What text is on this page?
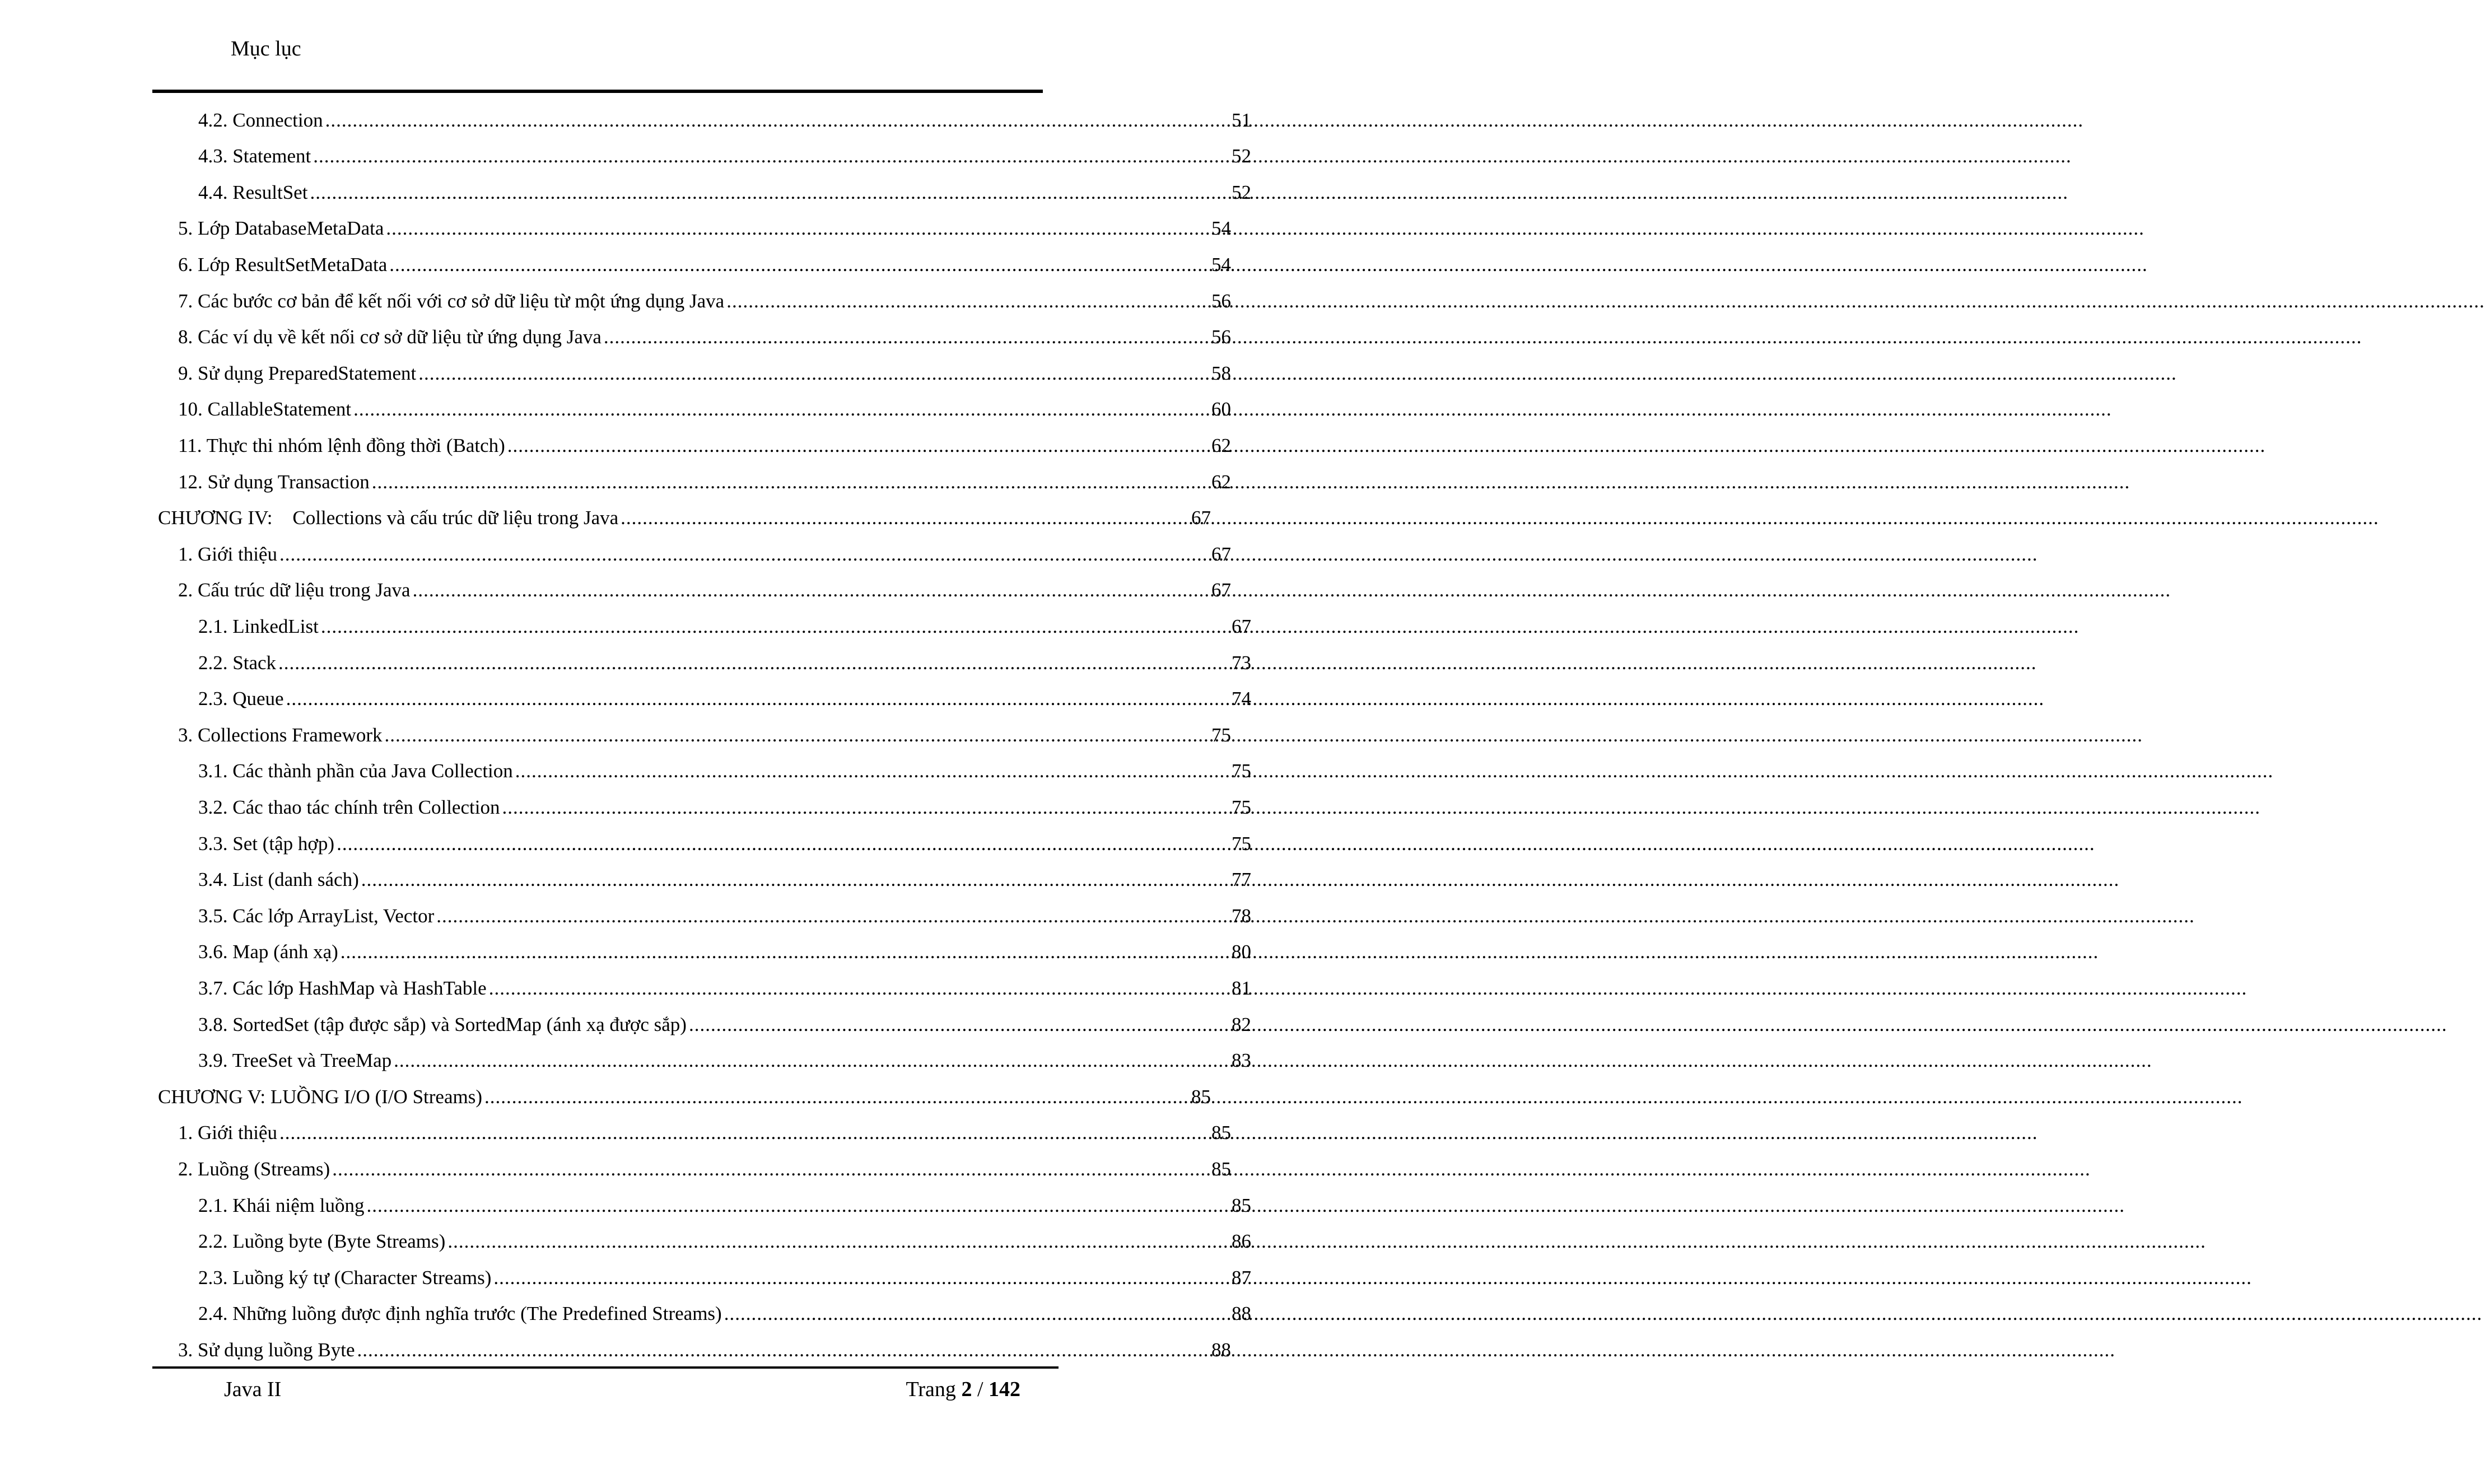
Mục lục
4.2. Connection .....	51
4.3. Statement .....	52
4.4. ResultSet .....	52
5. Lớp DatabaseMetaData .....	54
6. Lớp ResultSetMetaData .....	54
7. Các bước cơ bản để kết nối với cơ sở dữ liệu từ một ứng dụng Java .....	56
8. Các ví dụ về kết nối cơ sở dữ liệu từ ứng dụng Java .....	56
9. Sử dụng PreparedStatement .....	58
10. CallableStatement .....	60
11. Thực thi nhóm lệnh đồng thời (Batch) .....	62
12. Sử dụng Transaction .....	62
CHƯƠNG IV: Collections và cấu trúc dữ liệu trong Java .....	67
1. Giới thiệu .....	67
2. Cấu trúc dữ liệu trong Java .....	67
2.1. LinkedList .....	67
2.2. Stack .....	73
2.3. Queue .....	74
3. Collections Framework .....	75
3.1. Các thành phần của Java Collection .....	75
3.2. Các thao tác chính trên Collection .....	75
3.3. Set (tập hợp) .....	75
3.4. List (danh sách) .....	77
3.5. Các lớp ArrayList, Vector .....	78
3.6. Map (ánh xạ) .....	80
3.7. Các lớp HashMap và HashTable .....	81
3.8. SortedSet (tập được sắp) và SortedMap (ánh xạ được sắp) .....	82
3.9. TreeSet và TreeMap .....	83
CHƯƠNG V: LUỒNG I/O (I/O Streams) .....	85
1. Giới thiệu .....	85
2. Luồng (Streams) .....	85
2.1. Khái niệm luồng .....	85
2.2. Luồng byte (Byte Streams) .....	86
2.3. Luồng ký tự (Character Streams) .....	87
2.4. Những luồng được định nghĩa trước (The Predefined Streams) .....	88
3. Sử dụng luồng Byte .....	88
Java II	Trang 2 / 142
